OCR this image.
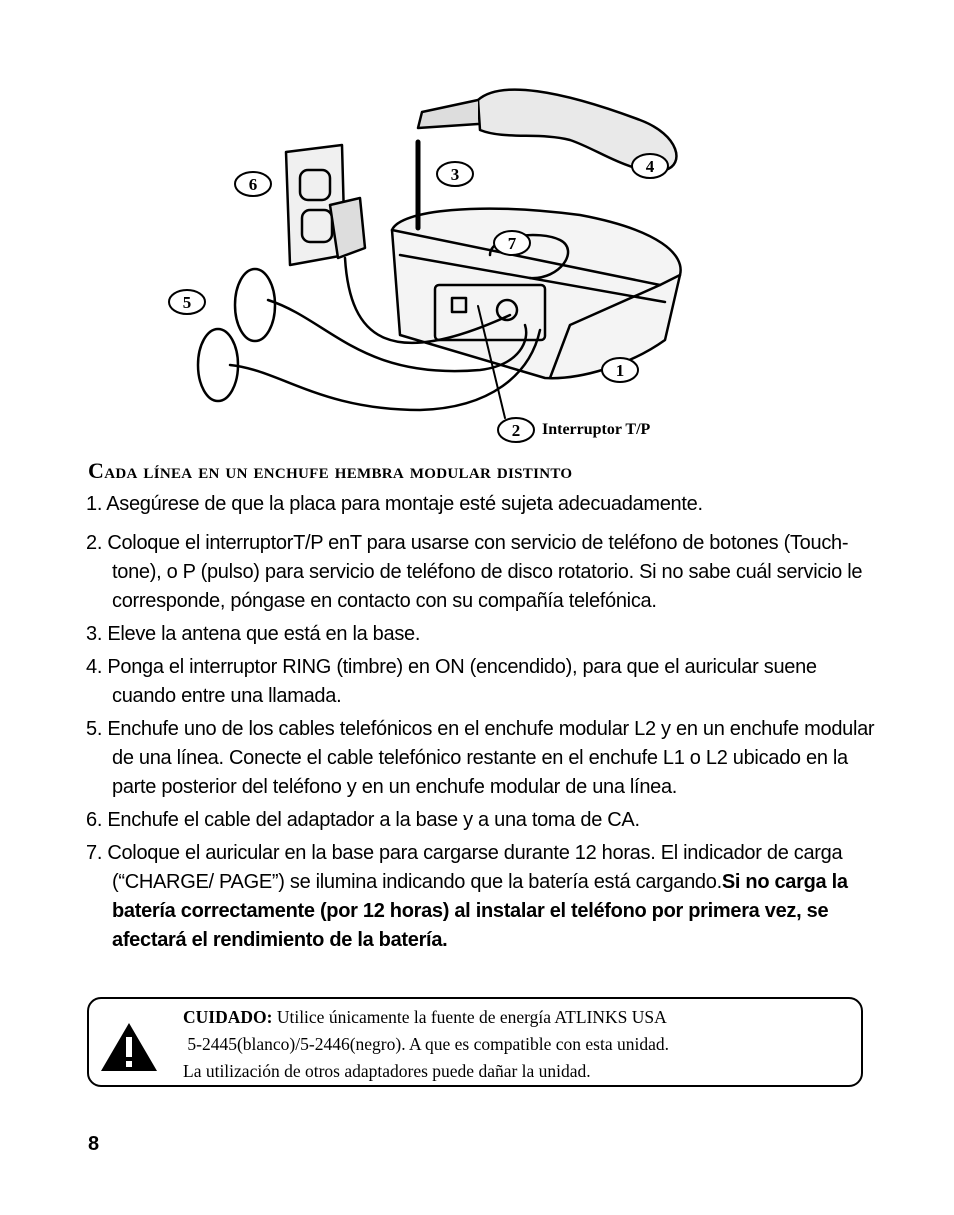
1
2
3	4
5
6
7
Interruptor T/P
Cada línea en un enchufe hembra modular distinto
1. Asegúrese de que la placa para montaje esté sujeta adecuadamente.
2. Coloque el interruptorT/P enT para usarse con servicio de teléfono de botones (Touch-tone), o P (pulso) para servicio de teléfono de disco rotatorio. Si no sabe cuál servicio le corresponde, póngase en contacto con su compañía telefónica.
3. Eleve la antena que está en la base.
4. Ponga el interruptor RING (timbre) en ON (encendido), para que el auricular suene cuando entre una llamada.
5. Enchufe uno de los cables telefónicos en el enchufe modular L2 y en un enchufe modular de una línea. Conecte el cable telefónico restante en el enchufe L1 o L2 ubicado en la parte posterior del teléfono y en un enchufe modular de una línea.
6. Enchufe el cable del adaptador a la base y a una toma de CA.
7. Coloque el auricular en la base para cargarse durante 12 horas. El indicador de carga (“CHARGE/ PAGE”) se ilumina indicando que la batería está cargando.Si no carga la batería correctamente (por 12 horas) al instalar el teléfono por primera vez, se afectará el rendimiento de la batería.
CUIDADO: Utilice únicamente la fuente de energía ATLINKS USA
5-2445(blanco)/5-2446(negro). A que es compatible con esta unidad.
La utilización de otros adaptadores puede dañar la unidad.
8
